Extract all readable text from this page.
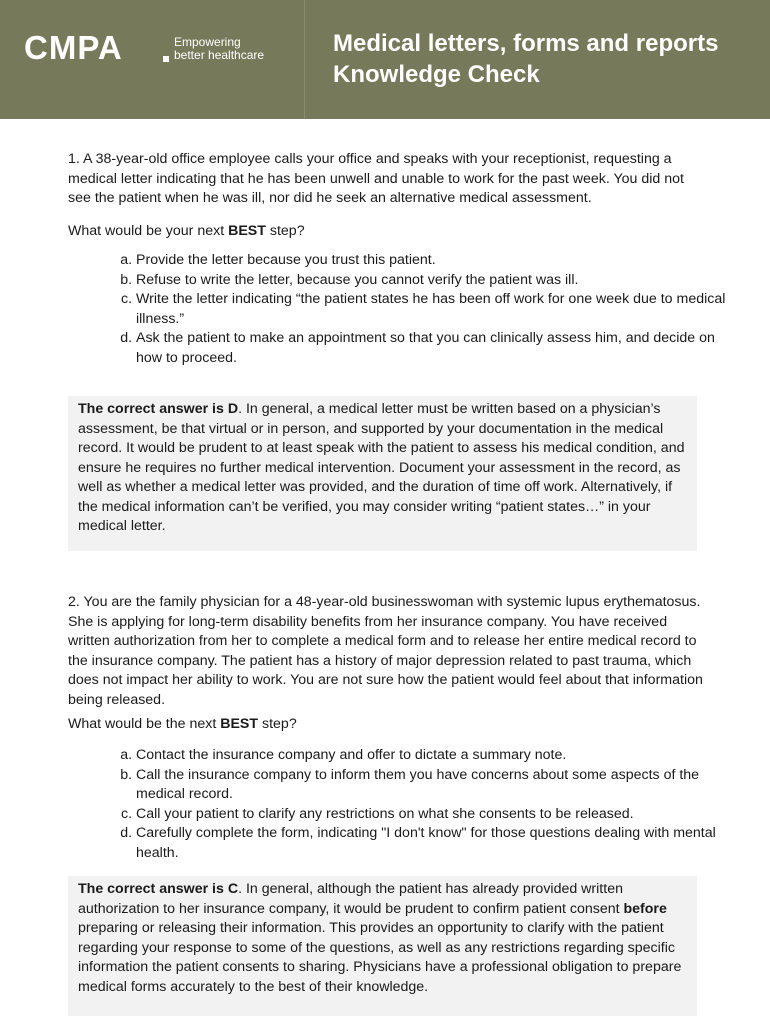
CMPA	Empowering
better healthcare	Medical letters, forms and reports
Knowledge Check

1. A 38-year-old office employee calls your office and speaks with your receptionist, requesting a medical letter indicating that he has been unwell and unable to work for the past week. You did not see the patient when he was ill, nor did he seek an alternative medical assessment.

What would be your next BEST step?

a. Provide the letter because you trust this patient.
b. Refuse to write the letter, because you cannot verify the patient was ill.
c. Write the letter indicating “the patient states he has been off work for one week due to medical illness.”
d. Ask the patient to make an appointment so that you can clinically assess him, and decide on how to proceed.

The correct answer is D. In general, a medical letter must be written based on a physician’s assessment, be that virtual or in person, and supported by your documentation in the medical record. It would be prudent to at least speak with the patient to assess his medical condition, and ensure he requires no further medical intervention. Document your assessment in the record, as well as whether a medical letter was provided, and the duration of time off work. Alternatively, if the medical information can’t be verified, you may consider writing “patient states…” in your medical letter.

2. You are the family physician for a 48-year-old businesswoman with systemic lupus erythematosus. She is applying for long-term disability benefits from her insurance company. You have received written authorization from her to complete a medical form and to release her entire medical record to the insurance company. The patient has a history of major depression related to past trauma, which does not impact her ability to work. You are not sure how the patient would feel about that information being released.

What would be the next BEST step?

a. Contact the insurance company and offer to dictate a summary note.
b. Call the insurance company to inform them you have concerns about some aspects of the medical record.
c. Call your patient to clarify any restrictions on what she consents to be released.
d. Carefully complete the form, indicating "I don't know" for those questions dealing with mental health.

The correct answer is C. In general, although the patient has already provided written authorization to her insurance company, it would be prudent to confirm patient consent before preparing or releasing their information. This provides an opportunity to clarify with the patient regarding your response to some of the questions, as well as any restrictions regarding specific information the patient consents to sharing. Physicians have a professional obligation to prepare medical forms accurately to the best of their knowledge.
